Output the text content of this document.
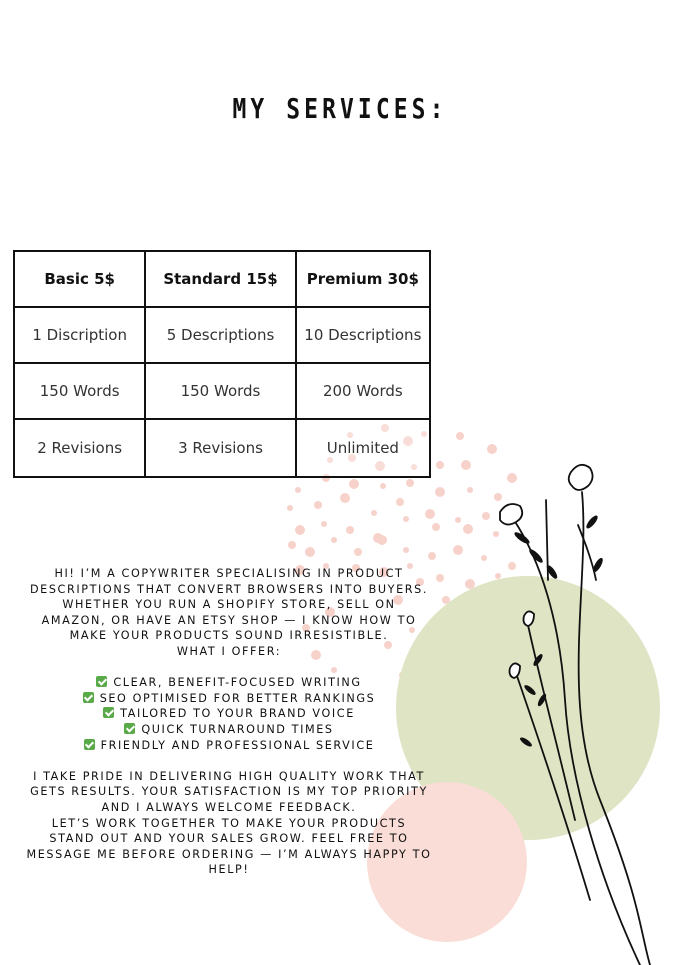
MY SERVICES:
Basic 5$	Standard 15$	Premium 30$
1 Discription	5 Descriptions	10 Descriptions
150 Words	150 Words	200 Words
2 Revisions	3 Revisions	Unlimited
HI! I’M A COPYWRITER SPECIALISING IN PRODUCT
DESCRIPTIONS THAT CONVERT BROWSERS INTO BUYERS.
WHETHER YOU RUN A SHOPIFY STORE, SELL ON
AMAZON, OR HAVE AN ETSY SHOP — I KNOW HOW TO
MAKE YOUR PRODUCTS SOUND IRRESISTIBLE.
WHAT I OFFER:
CLEAR, BENEFIT-FOCUSED WRITING
SEO OPTIMISED FOR BETTER RANKINGS
TAILORED TO YOUR BRAND VOICE
QUICK TURNAROUND TIMES
FRIENDLY AND PROFESSIONAL SERVICE
I TAKE PRIDE IN DELIVERING HIGH QUALITY WORK THAT
GETS RESULTS. YOUR SATISFACTION IS MY TOP PRIORITY
AND I ALWAYS WELCOME FEEDBACK.
LET’S WORK TOGETHER TO MAKE YOUR PRODUCTS
STAND OUT AND YOUR SALES GROW. FEEL FREE TO
MESSAGE ME BEFORE ORDERING — I’M ALWAYS HAPPY TO
HELP!
